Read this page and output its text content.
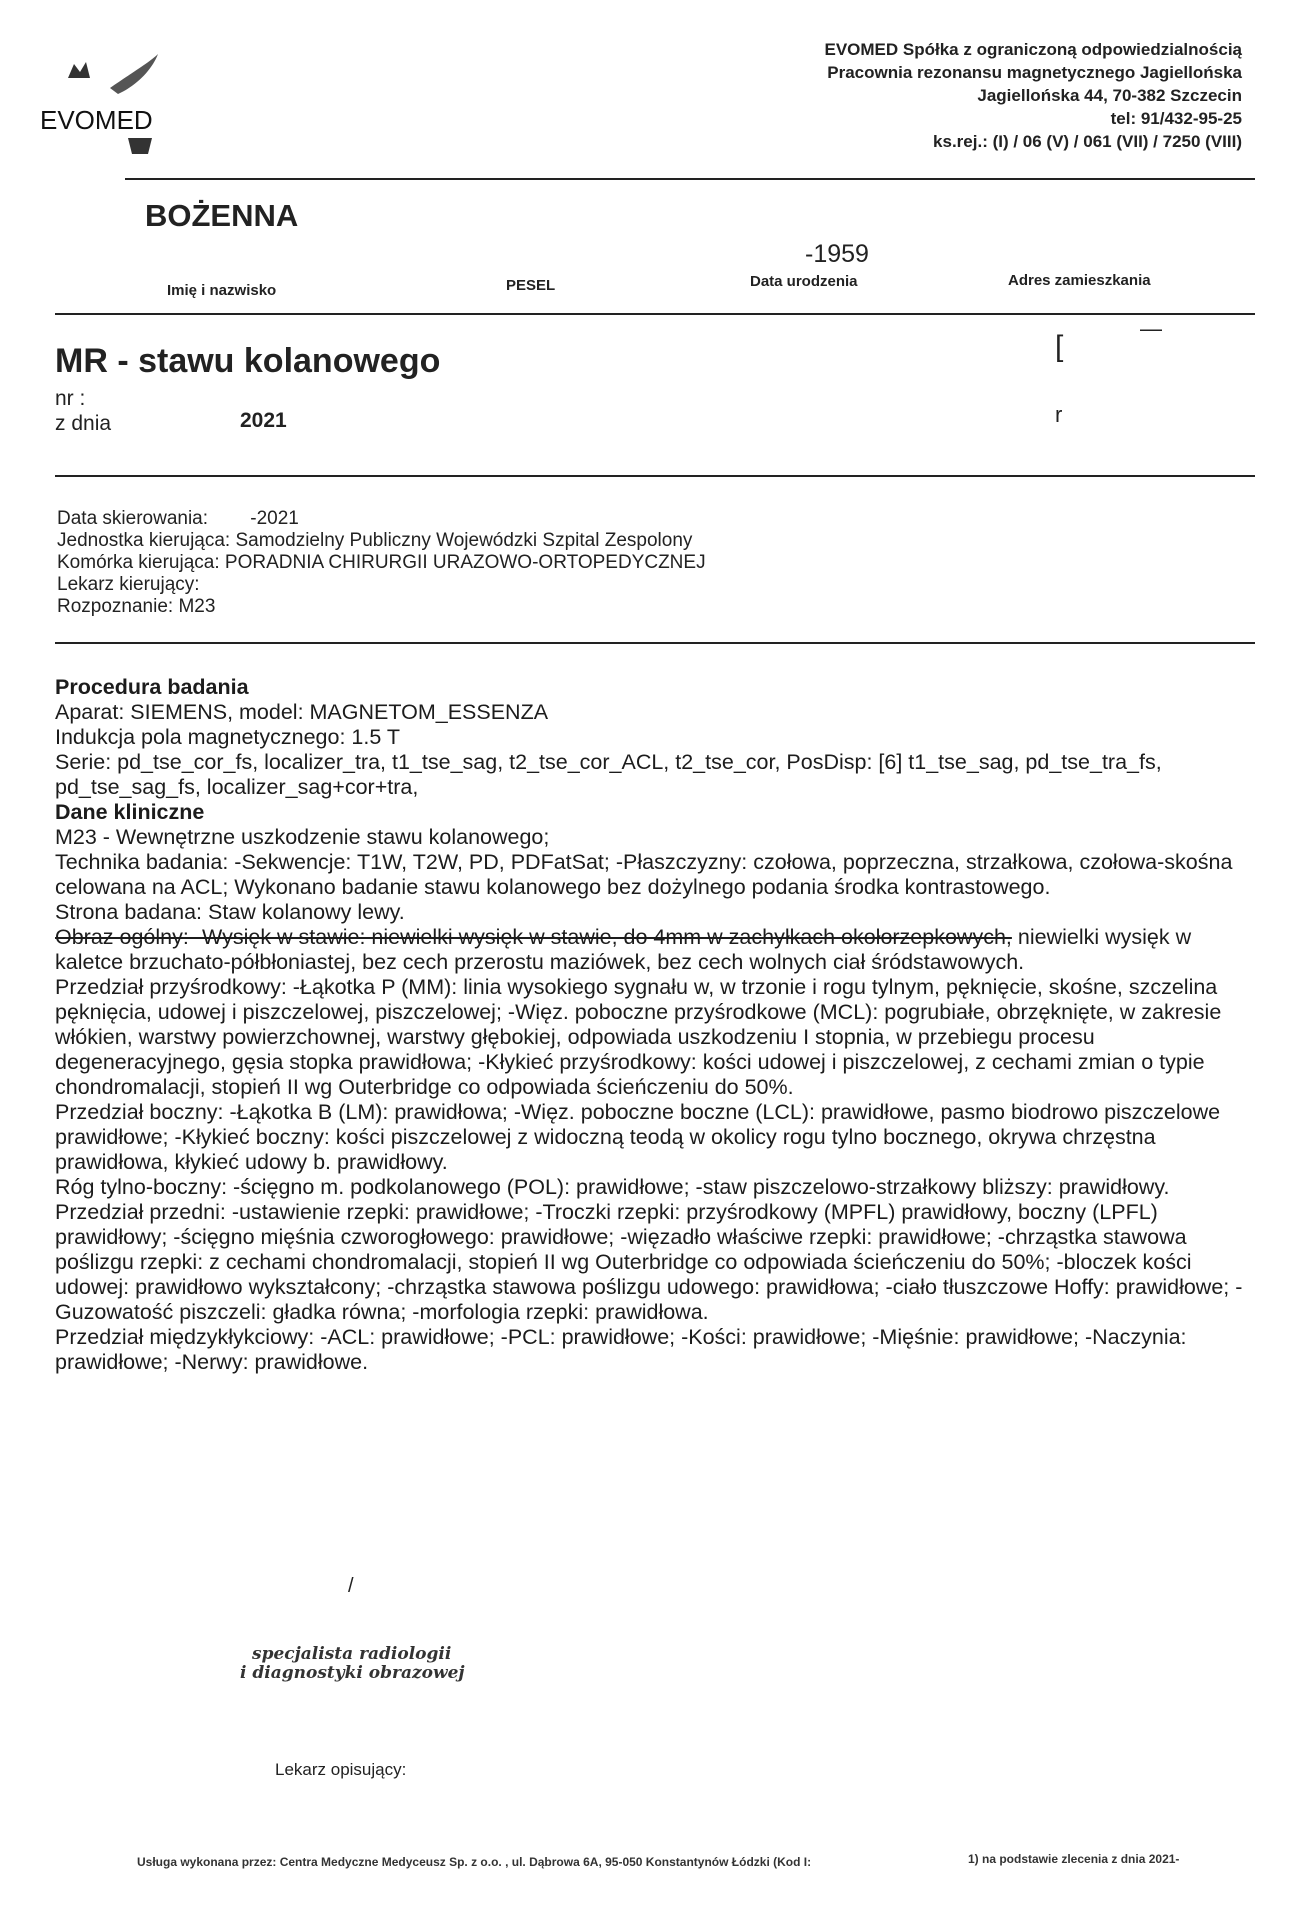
EVOMED
EVOMED Spółka z ograniczoną odpowiedzialnością
Pracownia rezonansu magnetycznego Jagiellońska
Jagiellońska 44, 70-382 Szczecin
tel: 91/432-95-25
ks.rej.: (I) / 06 (V) / 061 (VII) / 7250 (VIII)
BOŻENNA
-1959
Imię i nazwisko	PESEL	Data urodzenia	Adres zamieszkania
MR - stawu kolanowego
nr :
z dnia	2021
[
—
r
Data skierowania:        -2021
Jednostka kierująca: Samodzielny Publiczny Wojewódzki Szpital Zespolony
Komórka kierująca: PORADNIA CHIRURGII URAZOWO-ORTOPEDYCZNEJ
Lekarz kierujący:
Rozpoznanie: M23

Procedura badania

Aparat: SIEMENS, model: MAGNETOM_ESSENZA

Indukcja pola magnetycznego: 1.5 T

Serie: pd_tse_cor_fs, localizer_tra, t1_tse_sag, t2_tse_cor_ACL, t2_tse_cor, PosDisp: [6] t1_tse_sag, pd_tse_tra_fs, pd_tse_sag_fs, localizer_sag+cor+tra,

Dane kliniczne

M23 - Wewnętrzne uszkodzenie stawu kolanowego;

Technika badania: -Sekwencje: T1W, T2W, PD, PDFatSat; -Płaszczyzny: czołowa, poprzeczna, strzałkowa, czołowa-skośna celowana na ACL; Wykonano badanie stawu kolanowego bez dożylnego podania środka kontrastowego.

Strona badana: Staw kolanowy lewy.

Obraz ogólny: -Wysięk w stawie: niewielki wysięk w stawie, do 4mm w zachyłkach okołorzepkowych, niewielki wysięk w kaletce brzuchato-półbłoniastej, bez cech przerostu maziówek, bez cech wolnych ciał śródstawowych.

Przedział przyśrodkowy: -Łąkotka P (MM): linia wysokiego sygnału w, w trzonie i rogu tylnym, pęknięcie, skośne, szczelina pęknięcia, udowej i piszczelowej, piszczelowej; -Więz. poboczne przyśrodkowe (MCL): pogrubiałe, obrzęknięte, w zakresie włókien, warstwy powierzchownej, warstwy głębokiej, odpowiada uszkodzeniu I stopnia, w przebiegu procesu degeneracyjnego, gęsia stopka prawidłowa; -Kłykieć przyśrodkowy: kości udowej i piszczelowej, z cechami zmian o typie chondromalacji, stopień II wg Outerbridge co odpowiada ścieńczeniu do 50%.

Przedział boczny: -Łąkotka B (LM): prawidłowa; -Więz. poboczne boczne (LCL): prawidłowe, pasmo biodrowo piszczelowe prawidłowe; -Kłykieć boczny: kości piszczelowej z widoczną teodą w okolicy rogu tylno bocznego, okrywa chrzęstna prawidłowa, kłykieć udowy b. prawidłowy.

Róg tylno-boczny: -ścięgno m. podkolanowego (POL): prawidłowe; -staw piszczelowo-strzałkowy bliższy: prawidłowy.

Przedział przedni: -ustawienie rzepki: prawidłowe; -Troczki rzepki: przyśrodkowy (MPFL) prawidłowy, boczny (LPFL) prawidłowy; -ścięgno mięśnia czworogłowego: prawidłowe; -więzadło właściwe rzepki: prawidłowe; -chrząstka stawowa poślizgu rzepki: z cechami chondromalacji, stopień II wg Outerbridge co odpowiada ścieńczeniu do 50%; -bloczek kości udowej: prawidłowo wykształcony; -chrząstka stawowa poślizgu udowego: prawidłowa; -ciało tłuszczowe Hoffy: prawidłowe; -Guzowatość piszczeli: gładka równa; -morfologia rzepki: prawidłowa.

Przedział międzykłykciowy: -ACL: prawidłowe; -PCL: prawidłowe; -Kości: prawidłowe; -Mięśnie: prawidłowe; -Naczynia: prawidłowe; -Nerwy: prawidłowe.

/
specjalista radiologii
i diagnostyki obrazowej
Lekarz opisujący:
Usługa wykonana przez: Centra Medyczne Medyceusz Sp. z o.o. , ul. Dąbrowa 6A, 95-050 Konstantynów Łódzki (Kod I:	1) na podstawie zlecenia z dnia 2021-
